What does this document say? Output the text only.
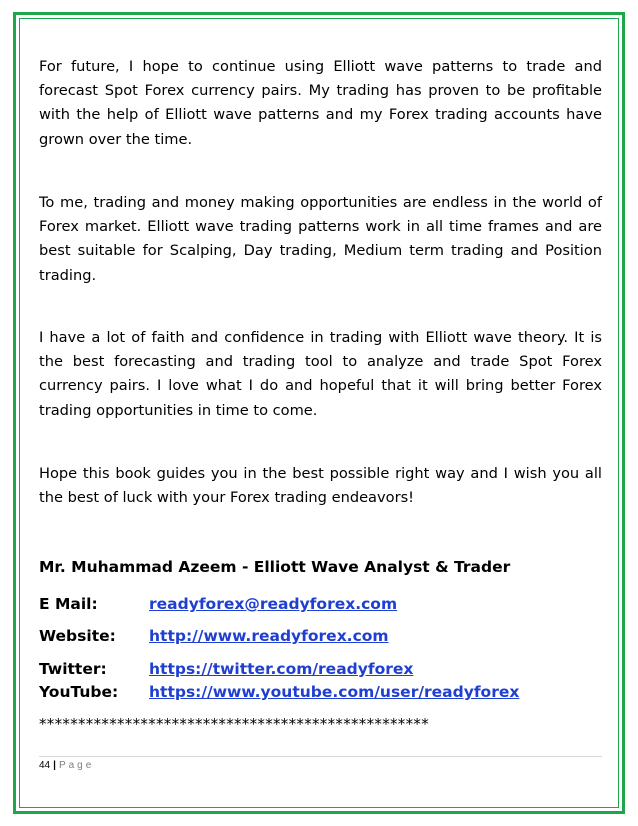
For future, I hope to continue using Elliott wave patterns to trade and forecast Spot Forex currency pairs. My trading has proven to be profitable with the help of Elliott wave patterns and my Forex trading accounts have grown over the time.

To me, trading and money making opportunities are endless in the world of Forex market. Elliott wave trading patterns work in all time frames and are best suitable for Scalping, Day trading, Medium term trading and Position trading.

I have a lot of faith and confidence in trading with Elliott wave theory. It is the best forecasting and trading tool to analyze and trade Spot Forex currency pairs. I love what I do and hopeful that it will bring better Forex trading opportunities in time to come.

Hope this book guides you in the best possible right way and I wish you all the best of luck with your Forex trading endeavors!

Mr. Muhammad Azeem - Elliott Wave Analyst & Trader
E Mail:	readyforex@readyforex.com
Website: http://www.readyforex.com
Twitter:	https://twitter.com/readyforex
YouTube: https://www.youtube.com/user/readyforex
**************************************************
44 | Page
